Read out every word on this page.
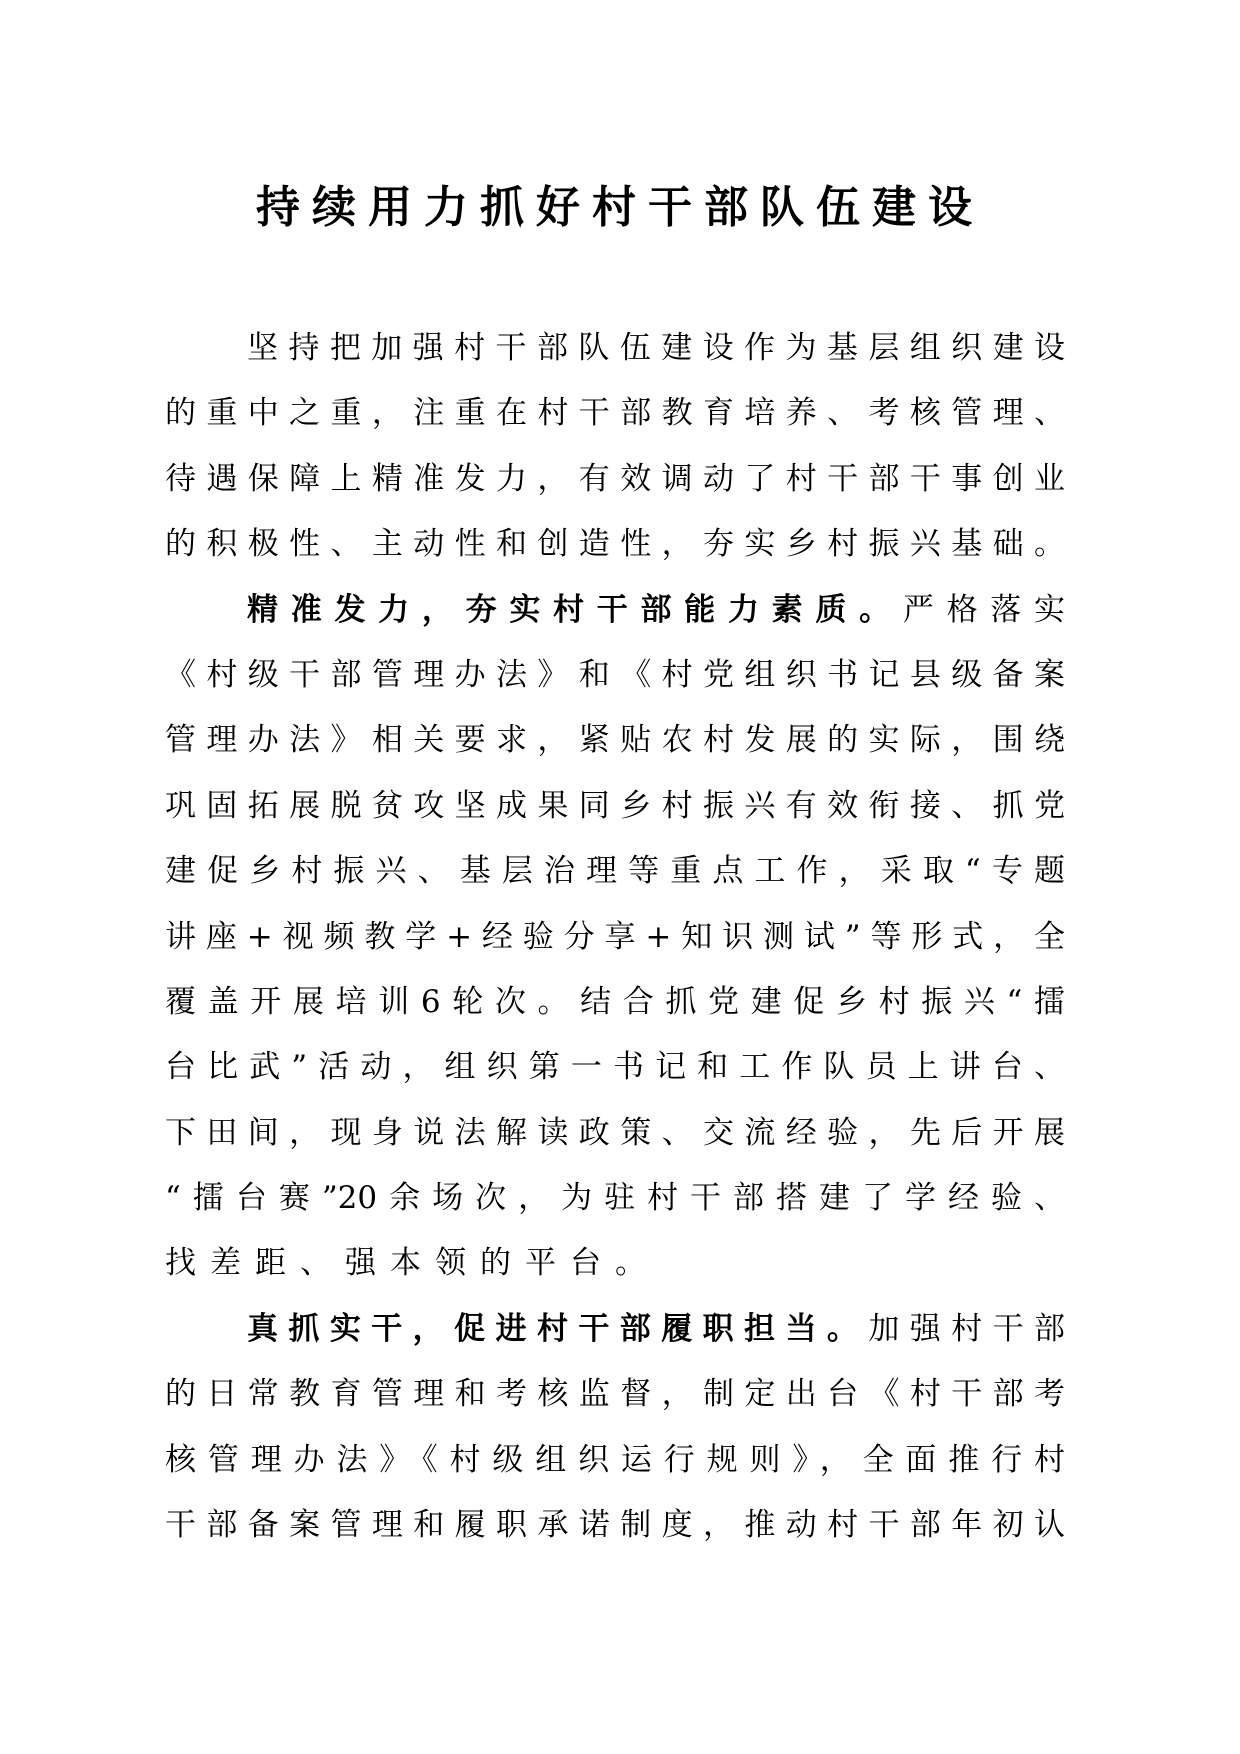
持续用力抓好村干部队伍建设
坚持把加强村干部队伍建设作为基层组织建设
的重中之重，注重在村干部教育培养、考核管理、
待遇保障上精准发力，有效调动了村干部干事创业
的积极性、主动性和创造性，夯实乡村振兴基础。
精准发力，夯实村干部能力素质。严格落实
《村级干部管理办法》和《村党组织书记县级备案
管理办法》相关要求，紧贴农村发展的实际，围绕
巩固拓展脱贫攻坚成果同乡村振兴有效衔接、抓党
建促乡村振兴、基层治理等重点工作，采取“专题
讲座+视频教学+经验分享+知识测试”等形式，全
覆盖开展培训6轮次。结合抓党建促乡村振兴“擂
台比武”活动，组织第一书记和工作队员上讲台、
下田间，现身说法解读政策、交流经验，先后开展
“擂台赛”20余场次，为驻村干部搭建了学经验、
找差距、强本领的平台。
真抓实干，促进村干部履职担当。加强村干部
的日常教育管理和考核监督，制定出台《村干部考
核管理办法》《村级组织运行规则》，全面推行村
干部备案管理和履职承诺制度，推动村干部年初认
